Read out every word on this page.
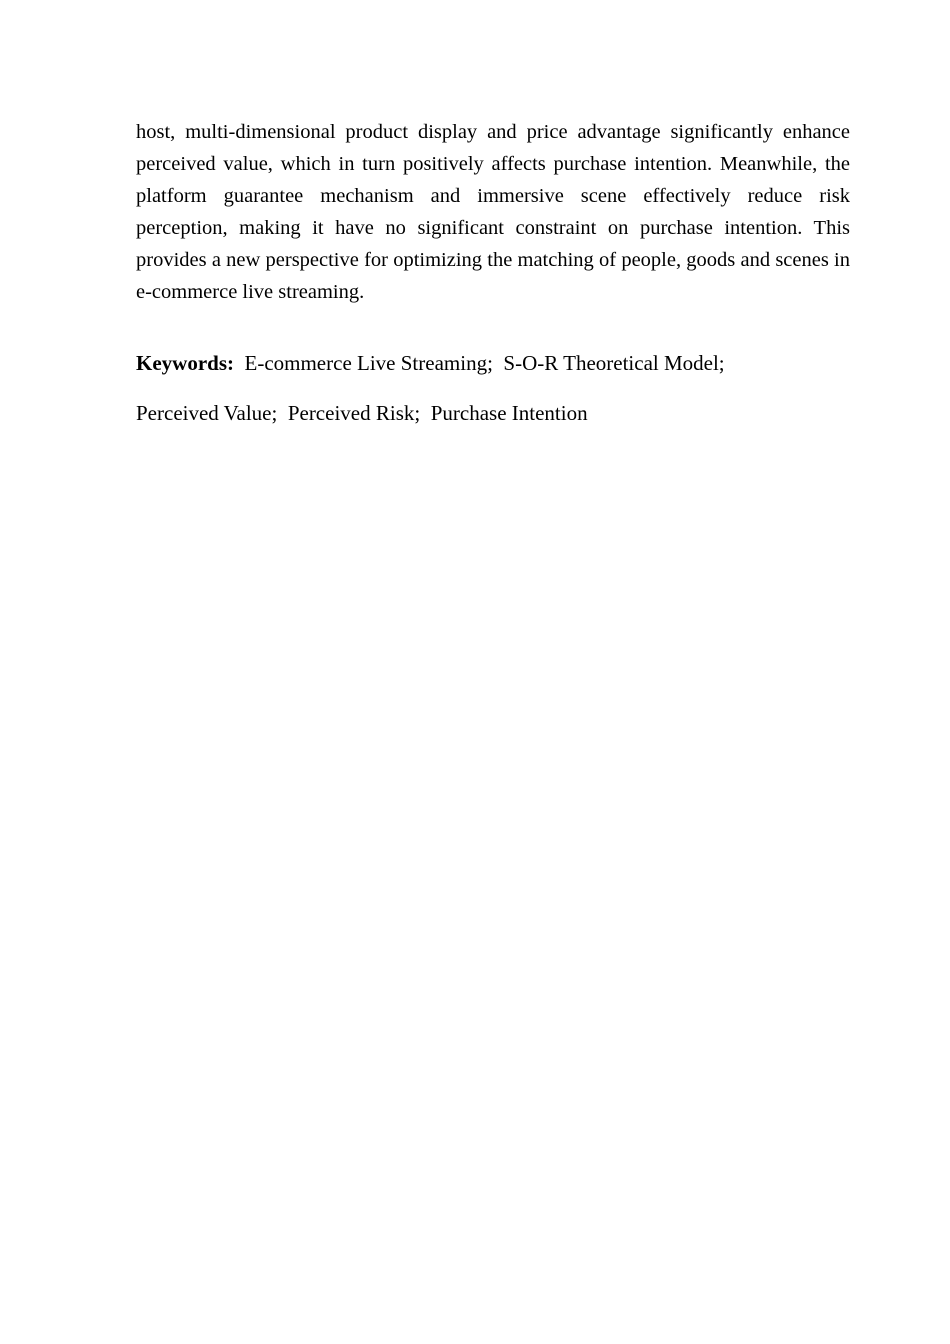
host, multi-dimensional product display and price advantage significantly enhance perceived value, which in turn positively affects purchase intention. Meanwhile, the platform guarantee mechanism and immersive scene effectively reduce risk perception, making it have no significant constraint on purchase intention. This provides a new perspective for optimizing the matching of people, goods and scenes in e-commerce live streaming.

Keywords: E-commerce Live Streaming; S-O-R Theoretical Model;
Perceived Value; Perceived Risk; Purchase Intention
